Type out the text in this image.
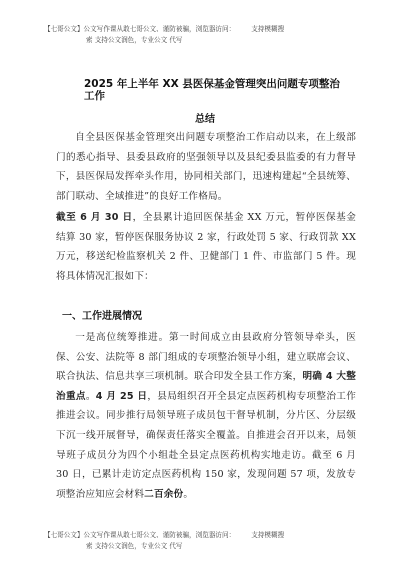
【七哥公文】公文写作课从敢七哥公文、谨防被骗，浏览器访问： 支持模糊搜
索 支持公文润色，专业公文 代写
2025 年上半年 XX 县医保基金管理突出问题专项整治工作
总结

自全县医保基金管理突出问题专项整治工作启动以来，在上级部门的悉心指导、县委县政府的坚强领导以及县纪委县监委的有力督导下，县医保局发挥牵头作用，协同相关部门，迅速构建起“全县统筹、部门联动、全域推进”的良好工作格局。

截至 6 月 30 日，全县累计追回医保基金 XX 万元，暂停医保基金结算 30 家，暂停医保服务协议 2 家，行政处罚 5 家、行政罚款 XX 万元，移送纪检监察机关 2 件、卫健部门 1 件、市监部门 5 件。现将具体情况汇报如下：

一、工作进展情况

一是高位统筹推进。第一时间成立由县政府分管领导牵头，医保、公安、法院等 8 部门组成的专项整治领导小组，建立联席会议、联合执法、信息共享三项机制。联合印发全县工作方案，明确 4 大整治重点。4 月 25 日，县局组织召开全县定点医药机构专项整治工作推进会议。同步推行局领导班子成员包干督导机制，分片区、分层级下沉一线开展督导，确保责任落实全覆盖。自推进会召开以来，局领导班子成员分为四个小组赴全县定点医药机构实地走访。截至 6 月 30 日，已累计走访定点医药机构 150 家，发现问题 57 项，发放专项整治应知应会材料二百余份。

【七哥公文】公文写作课从敢七哥公文、谨防被骗，浏览器访问： 支持模糊搜
索 支持公文润色，专业公文 代写
